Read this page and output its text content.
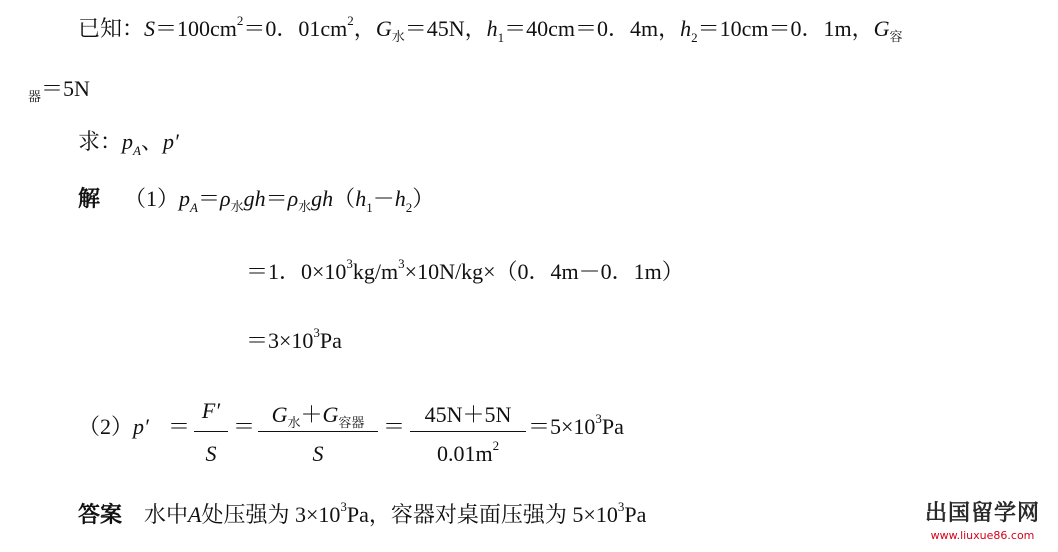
已知：$S=100cm^2=0$．$01cm^2$，$G_水=45N$，$h_1=40cm=0$．4m，$h_2=10cm=0$．1m，$G_容$
$_器$＝5N
求：$p_A$、p′
解 $(1)p_A=\rho_水gh=\rho_水gh(h_1-h_2)$
＝1．$0\times 10^3kg/m^3\times 10N/kg\times(0$．4m－0．1m）
$=3\times 10^3Pa$
（2）p′ ＝
F′
S
＝ $G_水+G_{容器}$
S
＝ 45N＋5N
$0.01m^2$
$=5\times 10^3Pa$
答案 水中A处压强为 $3\times 10^3Pa$，容器对桌面压强为 $5\times 10^3Pa$	出国留学网
www.liuxue86.com
